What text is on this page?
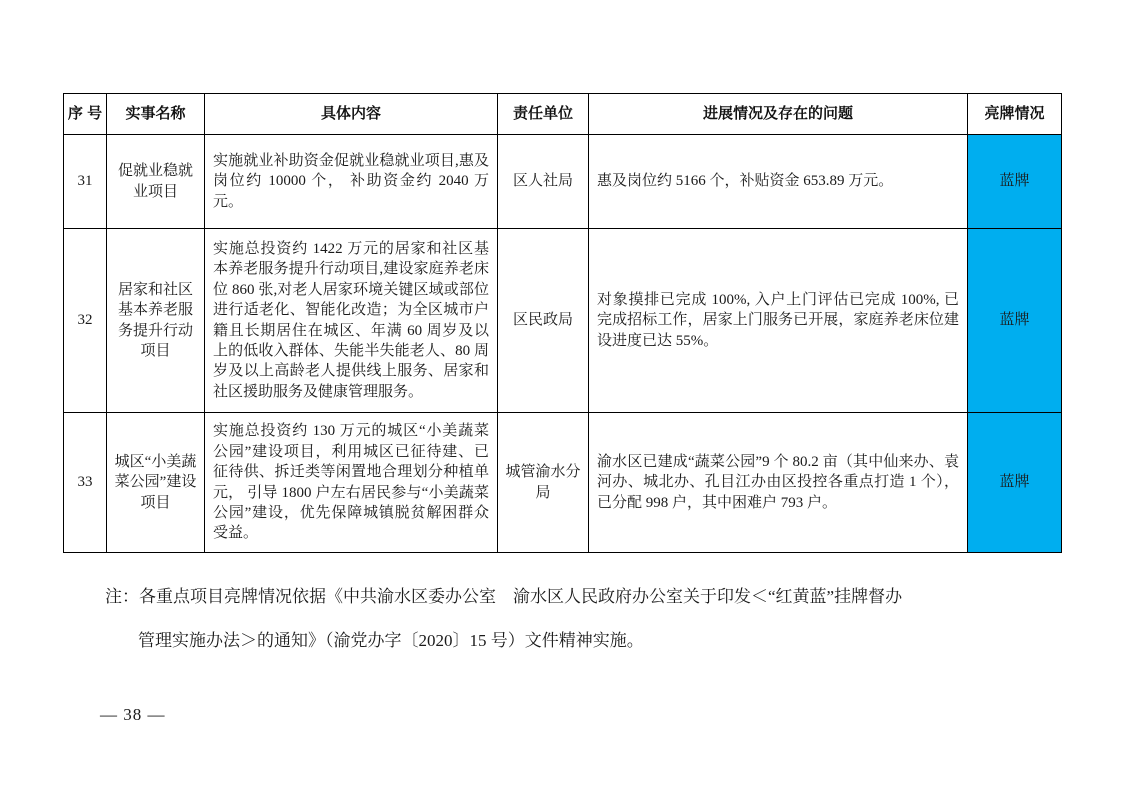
序 号	实事名称	具体内容	责任单位	进展情况及存在的问题	亮牌情况
31	促就业稳就业项目	实施就业补助资金促就业稳就业项目,惠及岗位约 10000 个， 补助资金约 2040 万元。	区人社局	惠及岗位约 5166 个，补贴资金 653.89 万元。	蓝牌
32	居家和社区基本养老服务提升行动项目	实施总投资约 1422 万元的居家和社区基本养老服务提升行动项目,建设家庭养老床位 860 张,对老人居家环境关键区域或部位进行适老化、智能化改造；为全区城市户籍且长期居住在城区、年满 60 周岁及以上的低收入群体、失能半失能老人、80 周岁及以上高龄老人提供线上服务、居家和社区援助服务及健康管理服务。	区民政局	对象摸排已完成 100%, 入户上门评估已完成 100%, 已完成招标工作，居家上门服务已开展，家庭养老床位建设进度已达 55%。	蓝牌
33	城区“小美蔬菜公园”建设项目	实施总投资约 130 万元的城区“小美蔬菜公园”建设项目，利用城区已征待建、已征待供、拆迁类等闲置地合理划分种植单元， 引导 1800 户左右居民参与“小美蔬菜公园”建设，优先保障城镇脱贫解困群众受益。	城管渝水分局	渝水区已建成“蔬菜公园”9 个 80.2 亩（其中仙来办、袁河办、城北办、孔目江办由区投控各重点打造 1 个），已分配 998 户，其中困难户 793 户。	蓝牌
注：各重点项目亮牌情况依据《中共渝水区委办公室　渝水区人民政府办公室关于印发＜“红黄蓝”挂牌督办
管理实施办法＞的通知》（渝党办字〔2020〕15 号）文件精神实施。
— 38 —
